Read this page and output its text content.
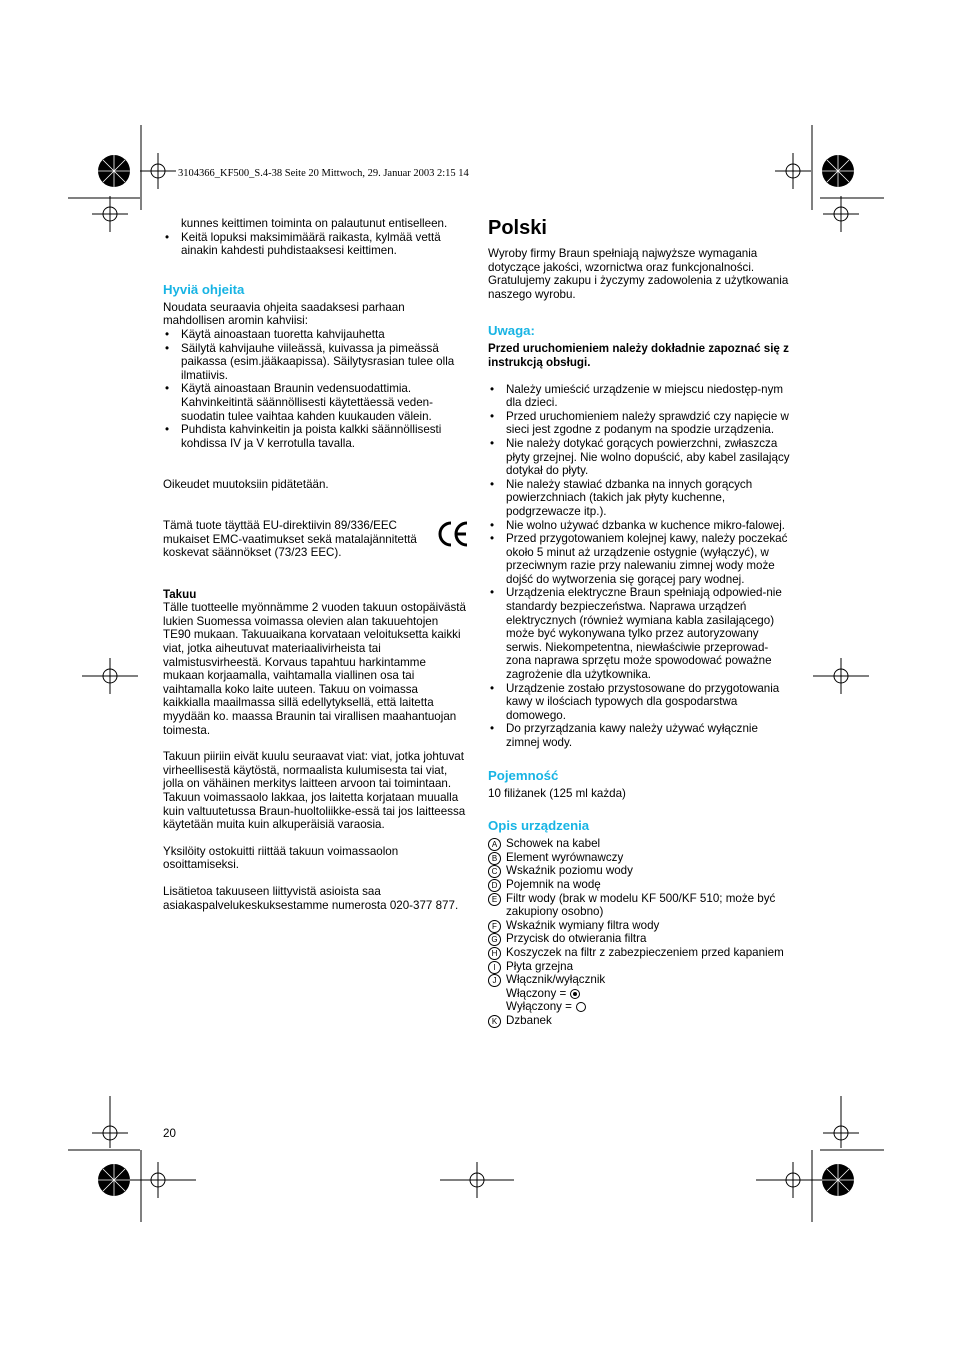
3104366_KF500_S.4-38 Seite 20 Mittwoch, 29. Januar 2003 2:15 14
kunnes keittimen toiminta on palautunut entiselleen.
• Keitä lopuksi maksimimäärä raikasta, kylmää vettä ainakin kahdesti puhdistaaksesi keittimen.

Hyviä ohjeita

Noudata seuraavia ohjeita saadaksesi parhaan mahdollisen aromin kahviisi:

• Käytä ainoastaan tuoretta kahvijauhetta
• Säilytä kahvijauhe viileässä, kuivassa ja pimeässä paikassa (esim.jääkaapissa). Säilytysrasian tulee olla ilmatiivis.
• Käytä ainoastaan Braunin vedensuodattimia. Kahvinkeitintä säännöllisesti käytettäessä veden-suodatin tulee vaihtaa kahden kuukauden välein.
• Puhdista kahvinkeitin ja poista kalkki säännöllisesti kohdissa IV ja V kerrotulla tavalla.

Oikeudet muutoksiin pidätetään.

Tämä tuote täyttää EU-direktiivin 89/336/EEC mukaiset EMC-vaatimukset sekä matalajännitettä koskevat säännökset (73/23 EEC).

Takuu

Tälle tuotteelle myönnämme 2 vuoden takuun ostopäivästä lukien Suomessa voimassa olevien alan takuuehtojen TE90 mukaan. Takuuaikana korvataan veloituksetta kaikki viat, jotka aiheutuvat materiaalivirheista tai valmistusvirheestä. Korvaus tapahtuu harkintamme mukaan korjaamalla, vaihtamalla viallinen osa tai vaihtamalla koko laite uuteen. Takuu on voimassa kaikkialla maailmassa sillä edellytyksellä, että laitetta myydään ko. maassa Braunin tai virallisen maahantuojan toimesta.

Takuun piiriin eivät kuulu seuraavat viat: viat, jotka johtuvat virheellisestä käytöstä, normaalista kulumisesta tai viat, jolla on vähäinen merkitys laitteen arvoon tai toimintaan. Takuun voimassaolo lakkaa, jos laitetta korjataan muualla kuin valtuutetussa Braun-huoltoliikke-essä tai jos laitteessa käytetään muita kuin alkuperäisiä varaosia.

Yksilöity ostokuitti riittää takuun voimassaolon osoittamiseksi.

Lisätietoa takuuseen liittyvistä asioista saa asiakaspalvelukeskuksestamme numerosta 020-377 877.

Polski

Wyroby firmy Braun spełniają najwyższe wymagania dotyczące jakości, wzornictwa oraz funkcjonalności. Gratulujemy zakupu i życzymy zadowolenia z użytkowania naszego wyrobu.

Uwaga:

Przed uruchomieniem należy dokładnie zapoznać się z instrukcją obsługi.

• Należy umieścić urządzenie w miejscu niedostęp-nym dla dzieci.
• Przed uruchomieniem należy sprawdzić czy napięcie w sieci jest zgodne z podanym na spodzie urządzenia.
• Nie należy dotykać gorących powierzchni, zwłaszcza płyty grzejnej. Nie wolno dopuścić, aby kabel zasilający dotykał do płyty.
• Nie należy stawiać dzbanka na innych gorących powierzchniach (takich jak płyty kuchenne, podgrzewacze itp.).
• Nie wolno używać dzbanka w kuchence mikro-falowej.
• Przed przygotowaniem kolejnej kawy, należy poczekać około 5 minut aż urządzenie ostygnie (wyłączyć), w przeciwnym razie przy nalewaniu zimnej wody może dojść do wytworzenia się gorącej pary wodnej.
• Urządzenia elektryczne Braun spełniają odpowied-nie standardy bezpieczeństwa. Naprawa urządzeń elektrycznych (również wymiana kabla zasilającego) może być wykonywana tylko przez autoryzowany serwis. Niekompetentna, niewłaściwie przeprowad-zona naprawa sprzętu może spowodować poważne zagrożenie dla użytkownika.
• Urządzenie zostało przystosowane do przygotowania kawy w ilościach typowych dla gospodarstwa domowego.
• Do przyrządzania kawy należy używać wyłącznie zimnej wody.

Pojemność

10 filiżanek (125 ml każda)

Opis urządzenia

A Schowek na kabel
B Element wyrównawczy
C Wskaźnik poziomu wody
D Pojemnik na wodę
E Filtr wody (brak w modelu KF 500/KF 510; może być zakupiony osobno)
F Wskaźnik wymiany filtra wody
G Przycisk do otwierania filtra
H Koszyczek na filtr z zabezpieczeniem przed kapaniem
I Płyta grzejna
J Włącznik/wyłącznik
Włączony =
Wyłączony =
K Dzbanek
20
